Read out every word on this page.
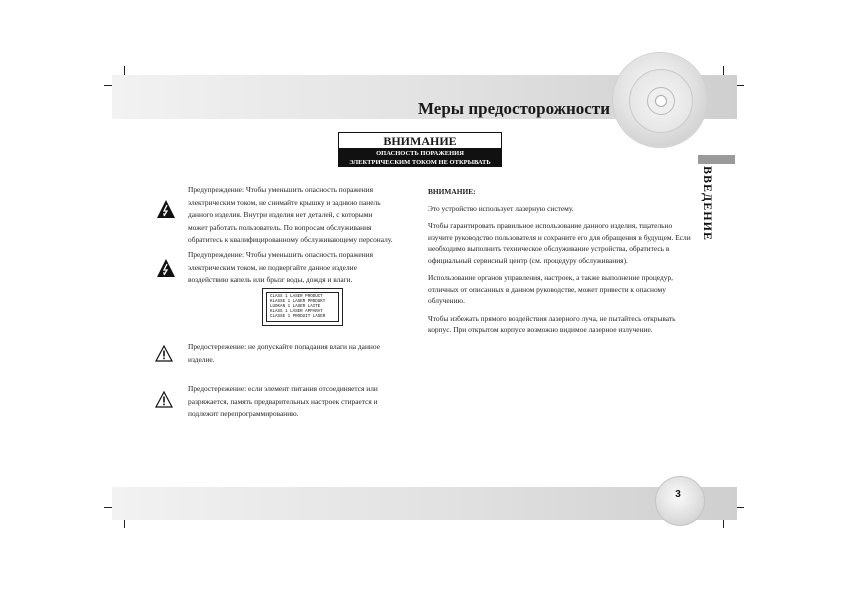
Меры предосторожности
ВВЕДЕНИЕ
ВНИМАНИЕ
ОПАСНОСТЬ ПОРАЖЕНИЯ
ЭЛЕКТРИЧЕСКИМ ТОКОМ НЕ ОТКРЫВАТЬ
Предупреждение: Чтобы уменьшить опасность поражения
электрическим током, не снимайте крышку и заднюю панель
данного изделия. Внутри изделия нет деталей, с которыми
может работать пользователь. По вопросам обслуживания
обратитесь к квалифицированному обслуживающему персоналу.
Предупреждение: Чтобы уменьшить опасность поражения
электрическим током, не подвергайте данное изделие
воздействию капель или брызг воды, дождя и влаги.
CLASS 1 LASER PRODUCT
KLASSE 1 LASER PRODUKT
LUOKAN 1 LASER LAITE
KLASS 1 LASER APPARAT
CLASSE 1 PRODUIT LASER
Предостережение: не допускайте попадания влаги на данное
изделие.
Предостережение: если элемент питания отсоединяется или
разряжается, память предварительных настроек стирается и
подлежит перепрограммированию.
ВНИМАНИЕ:

Это устройство использует лазерную систему.

Чтобы гарантировать правильное использование данного изделия, тщательно изучите руководство пользователя и сохраните его для обращения в будущем. Если необходимо выполнить техническое обслуживание устройства, обратитесь в официальный сервисный центр (см. процедуру обслуживания).

Использование органов управления, настроек, а также выполнение процедур, отличных от описанных в данном руководстве, может привести к опасному облучению.

Чтобы избежать прямого воздействия лазерного луча, не пытайтесь открывать корпус. При открытом корпусе возможно видимое лазерное излучение.

3
